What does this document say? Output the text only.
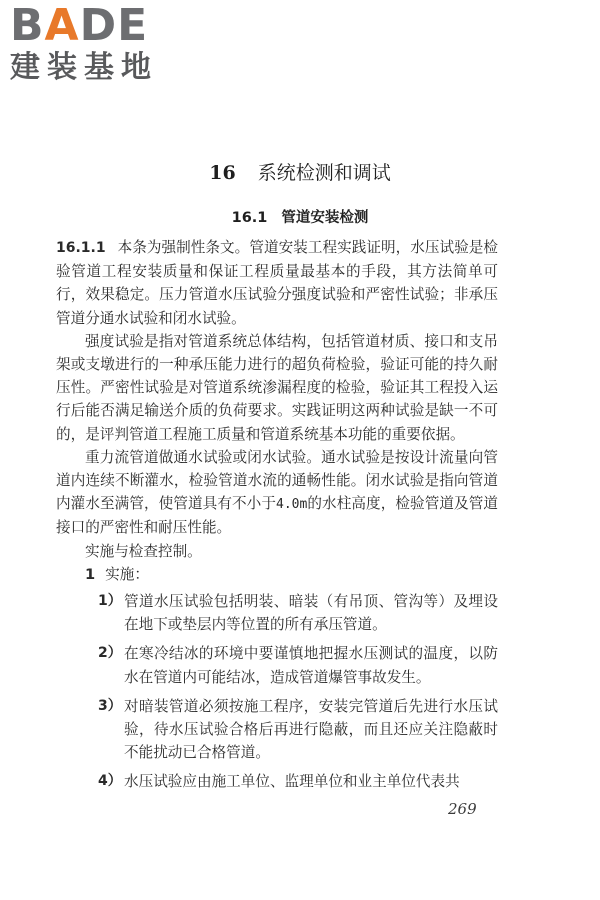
BADE
建装基地
16 系统检测和调试
16.1 管道安装检测

16.1.1 本条为强制性条文。管道安装工程实践证明，水压试验是检验管道工程安装质量和保证工程质量最基本的手段，其方法简单可行，效果稳定。压力管道水压试验分强度试验和严密性试验；非承压管道分通水试验和闭水试验。

强度试验是指对管道系统总体结构，包括管道材质、接口和支吊架或支墩进行的一种承压能力进行的超负荷检验，验证可能的持久耐压性。严密性试验是对管道系统渗漏程度的检验，验证其工程投入运行后能否满足输送介质的负荷要求。实践证明这两种试验是缺一不可的，是评判管道工程施工质量和管道系统基本功能的重要依据。

重力流管道做通水试验或闭水试验。通水试验是按设计流量向管道内连续不断灌水，检验管道水流的通畅性能。闭水试验是指向管道内灌水至满管，使管道具有不小于4.0m的水柱高度，检验管道及管道接口的严密性和耐压性能。

实施与检查控制。

1 实施：

1） 管道水压试验包括明装、暗装（有吊顶、管沟等）及埋设在地下或垫层内等位置的所有承压管道。
2） 在寒冷结冰的环境中要谨慎地把握水压测试的温度，以防水在管道内可能结冰，造成管道爆管事故发生。
3） 对暗装管道必须按施工程序，安装完管道后先进行水压试验，待水压试验合格后再进行隐蔽，而且还应关注隐蔽时不能扰动已合格管道。
4） 水压试验应由施工单位、监理单位和业主单位代表共
269
